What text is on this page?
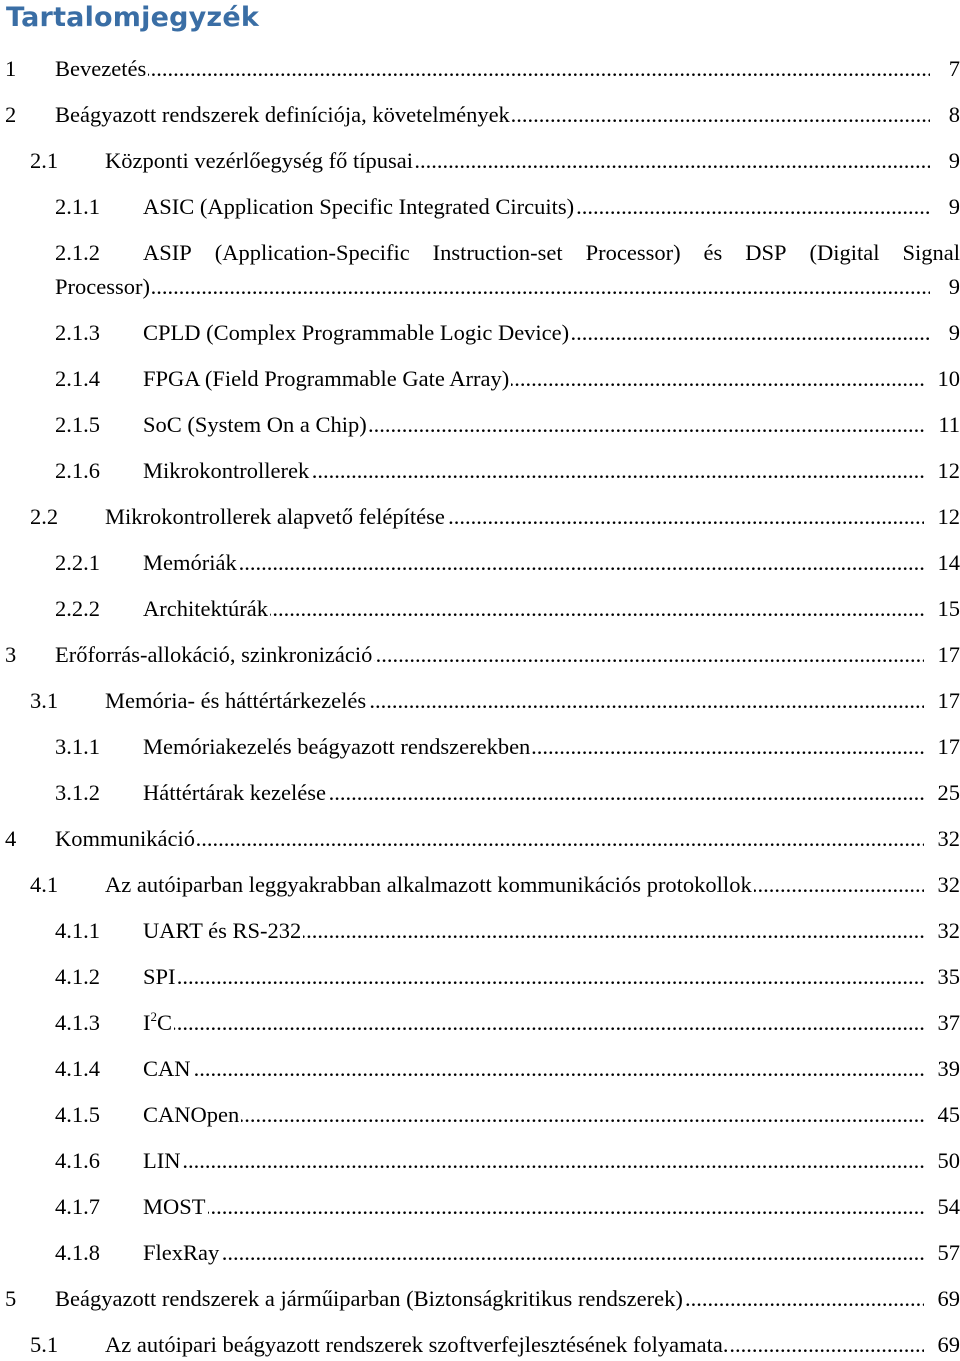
Tartalomjegyzék
1 Bevezetés .....	7
2 Beágyazott rendszerek definíciója, követelmények .....	8
2.1 Központi vezérlőegység fő típusai .....	9
2.1.1 ASIC (Application Specific Integrated Circuits) .....	9
2.1.2 ASIP (Application-Specific Instruction-set Processor) és DSP (Digital Signal
Processor) .....	9
2.1.3 CPLD (Complex Programmable Logic Device) .....	9
2.1.4 FPGA (Field Programmable Gate Array) .....	10
2.1.5 SoC (System On a Chip) .....	11
2.1.6 Mikrokontrollerek .....	12
2.2 Mikrokontrollerek alapvető felépítése .....	12
2.2.1 Memóriák .....	14
2.2.2 Architektúrák .....	15
3 Erőforrás-allokáció, szinkronizáció .....	17
3.1 Memória- és háttértárkezelés .....	17
3.1.1 Memóriakezelés beágyazott rendszerekben .....	17
3.1.2 Háttértárak kezelése .....	25
4 Kommunikáció .....	32
4.1 Az autóiparban leggyakrabban alkalmazott kommunikációs protokollok .....	32
4.1.1 UART és RS-232 .....	32
4.1.2 SPI .....	35
4.1.3 $I^2C$ .....	37
4.1.4 CAN .....	39
4.1.5 CANOpen .....	45
4.1.6 LIN .....	50
4.1.7 MOST .....	54
4.1.8 FlexRay .....	57
5 Beágyazott rendszerek a járműiparban (Biztonságkritikus rendszerek) .....	69
5.1 Az autóipari beágyazott rendszerek szoftverfejlesztésének folyamata. .....	69
